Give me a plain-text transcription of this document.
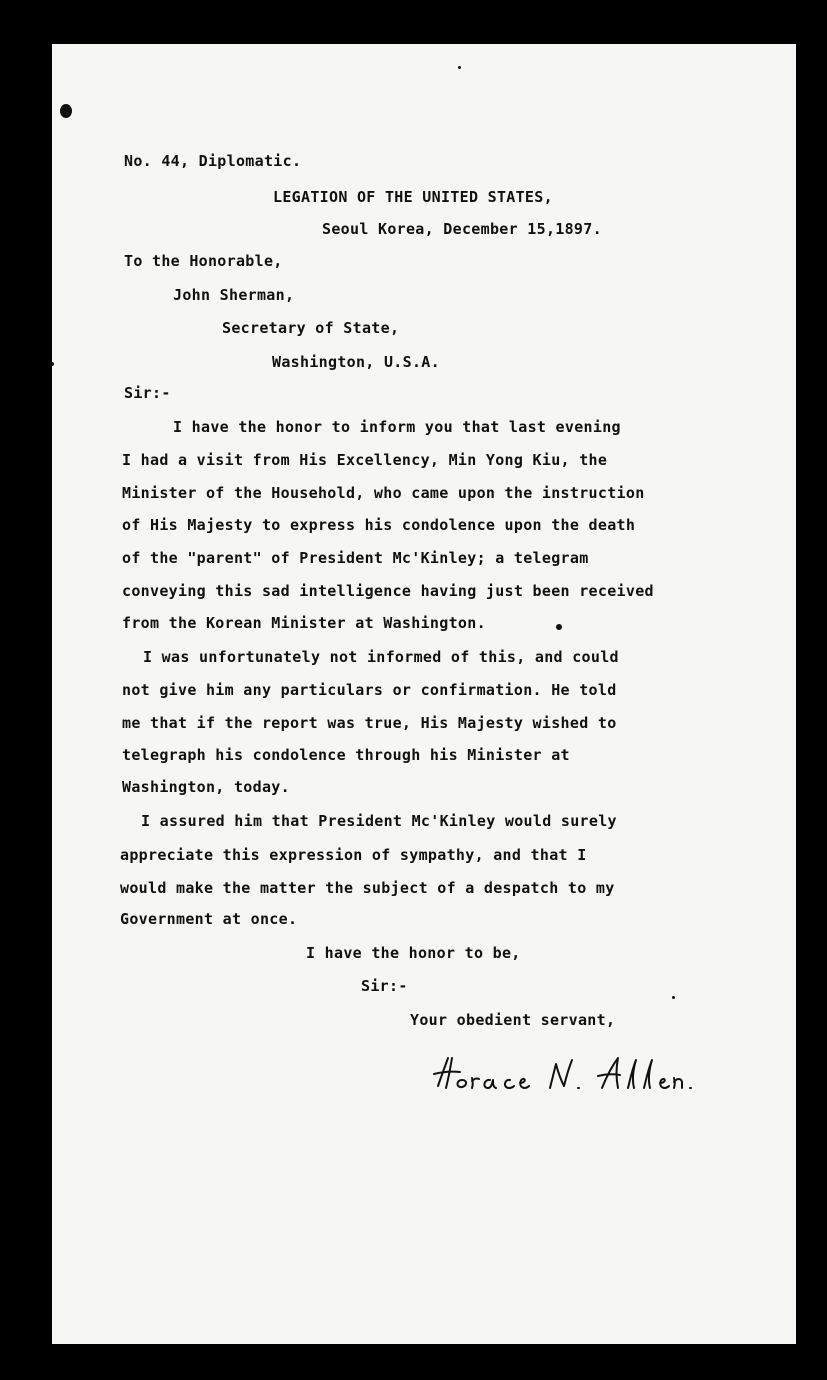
No. 44, Diplomatic.
LEGATION OF THE UNITED STATES,
Seoul Korea, December 15,1897.
To the Honorable,
John Sherman,
Secretary of State,
Washington, U.S.A.
Sir:-
I have the honor to inform you that last evening
I had a visit from His Excellency, Min Yong Kiu, the
Minister of the Household, who came upon the instruction
of His Majesty to express his condolence upon the death
of the "parent" of President Mc'Kinley; a telegram
conveying this sad intelligence having just been received
from the Korean Minister at Washington.
I was unfortunately not informed of this, and could
not give him any particulars or confirmation. He told
me that if the report was true, His Majesty wished to
telegraph his condolence through his Minister at
Washington, today.
I assured him that President Mc'Kinley would surely
appreciate this expression of sympathy, and that I
would make the matter the subject of a despatch to my
Government at once.
I have the honor to be,
Sir:-
Your obedient servant,
